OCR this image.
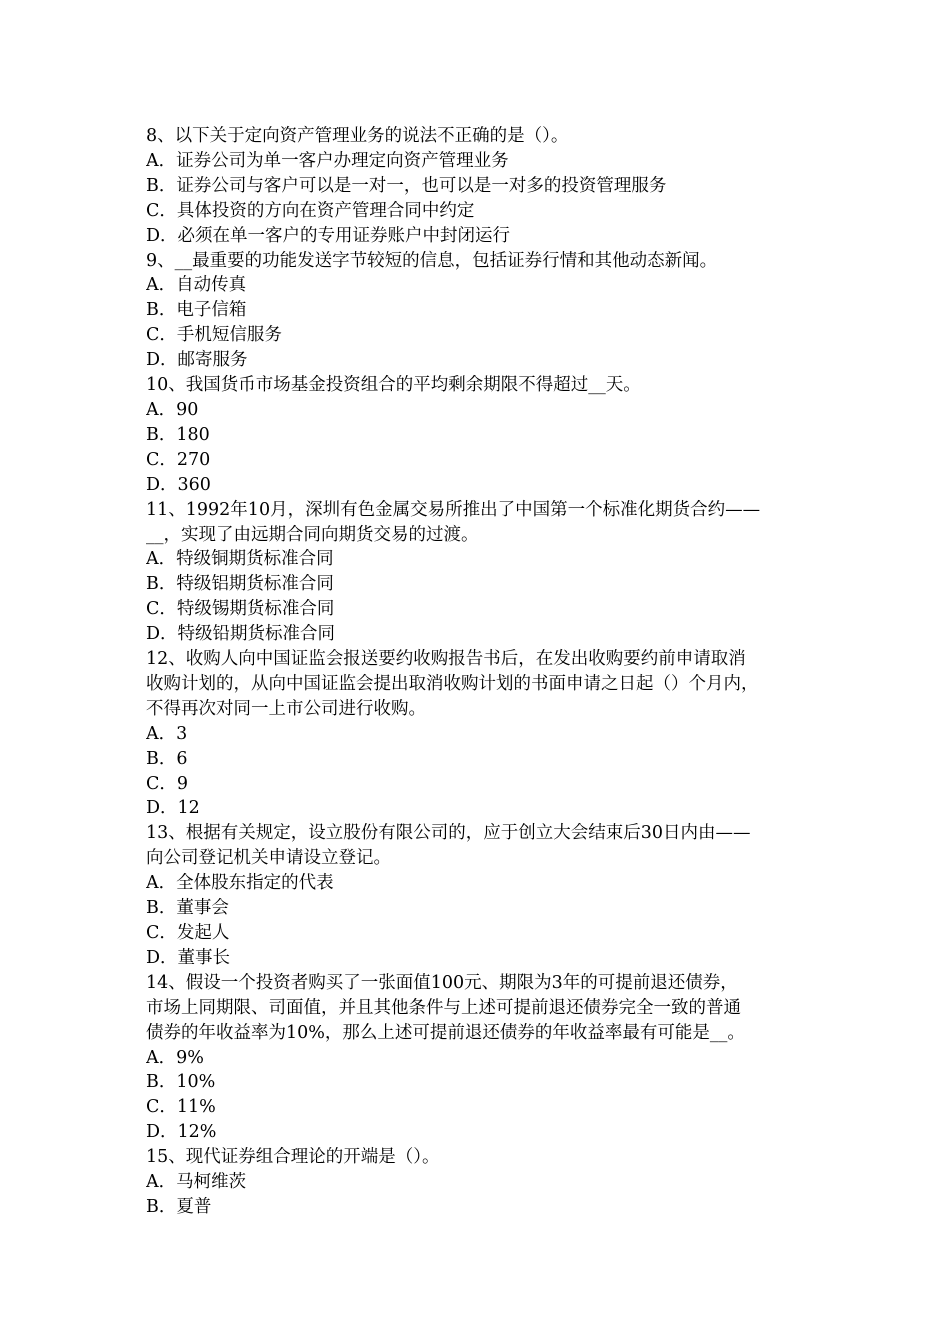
8、以下关于定向资产管理业务的说法不正确的是（）。

A．证券公司为单一客户办理定向资产管理业务

B．证券公司与客户可以是一对一，也可以是一对多的投资管理服务

C．具体投资的方向在资产管理合同中约定

D．必须在单一客户的专用证券账户中封闭运行

9、__最重要的功能发送字节较短的信息，包括证券行情和其他动态新闻。

A．自动传真

B．电子信箱

C．手机短信服务

D．邮寄服务

10、我国货币市场基金投资组合的平均剩余期限不得超过__天。

A．90

B．180

C．270

D．360

11、1992年10月，深圳有色金属交易所推出了中国第一个标准化期货合约——

__，实现了由远期合同向期货交易的过渡。

A．特级铜期货标准合同

B．特级铝期货标准合同

C．特级锡期货标准合同

D．特级铅期货标准合同

12、收购人向中国证监会报送要约收购报告书后，在发出收购要约前申请取消

收购计划的，从向中国证监会提出取消收购计划的书面申请之日起（）个月内，

不得再次对同一上市公司进行收购。

A．3

B．6

C．9

D．12

13、根据有关规定，设立股份有限公司的，应于创立大会结束后30日内由——

向公司登记机关申请设立登记。

A．全体股东指定的代表

B．董事会

C．发起人

D．董事长

14、假设一个投资者购买了一张面值100元、期限为3年的可提前退还债券，

市场上同期限、司面值，并且其他条件与上述可提前退还债券完全一致的普通

债券的年收益率为10%，那么上述可提前退还债券的年收益率最有可能是__。

A．9%

B．10%

C．11%

D．12%

15、现代证券组合理论的开端是（）。

A．马柯维茨

B．夏普
